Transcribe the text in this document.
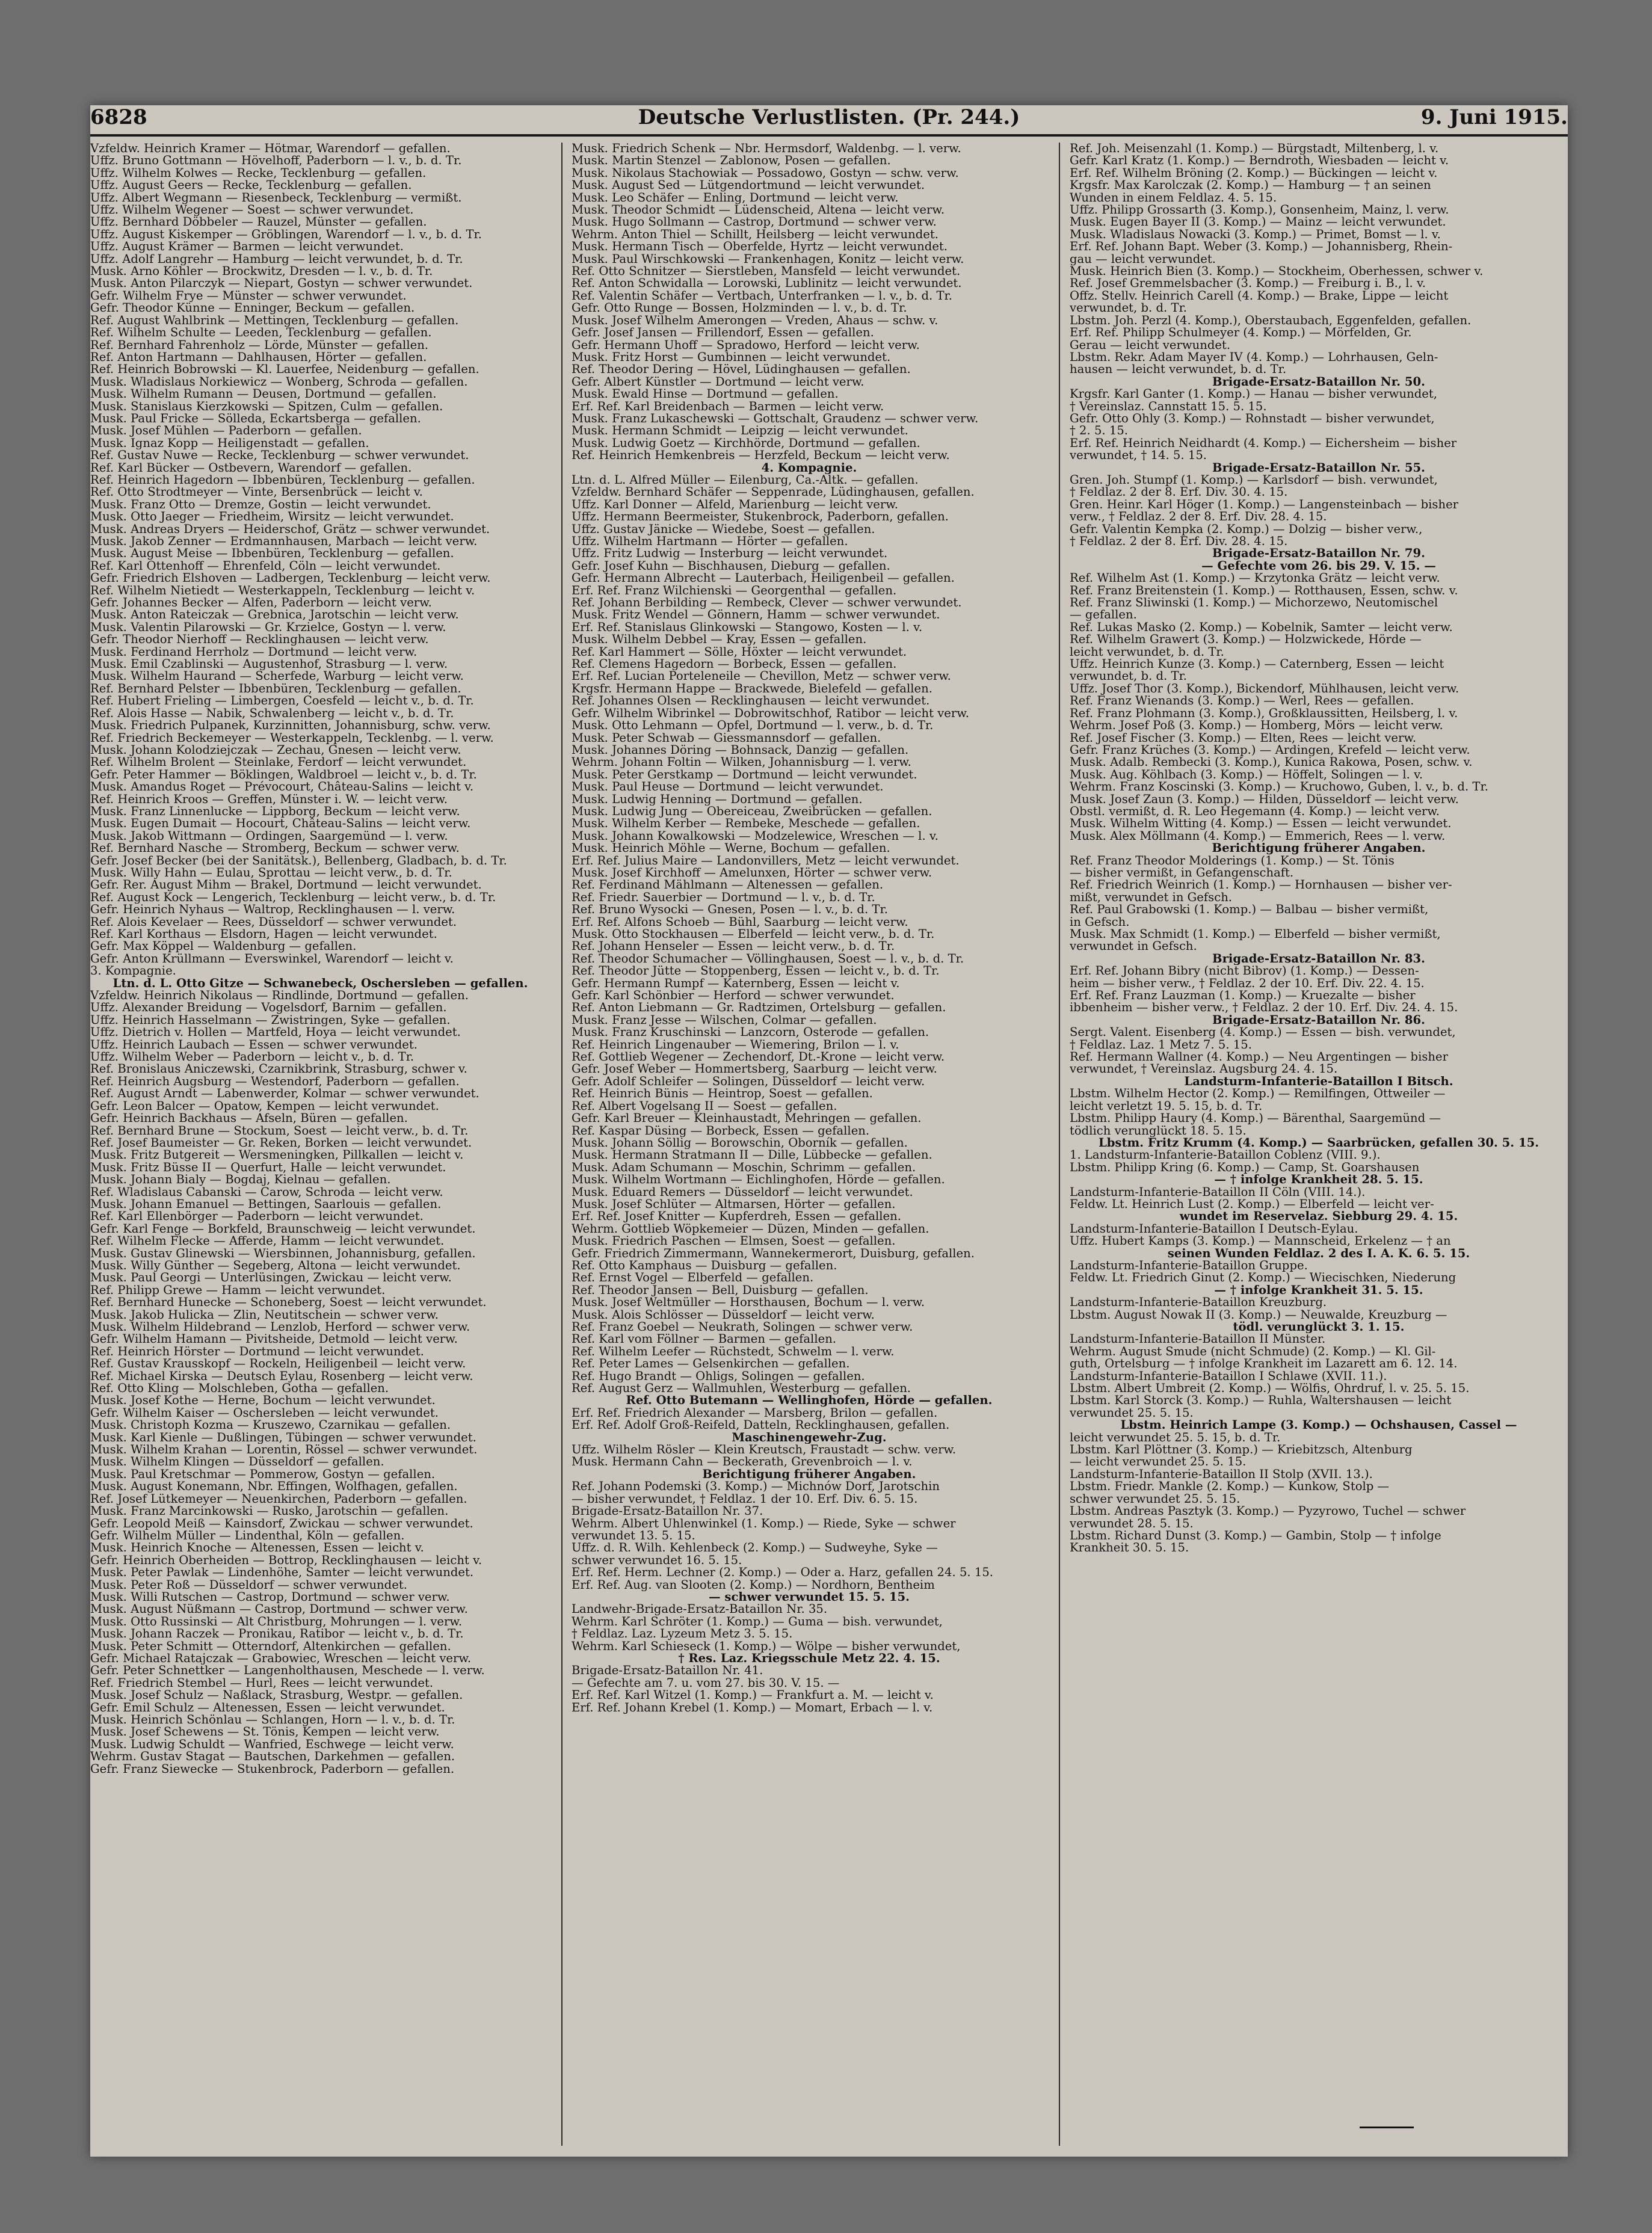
6828	Deutsche Verlustlisten. (Pr. 244.)	9. Juni 1915.
Vzfeldw. Heinrich Kramer — Hötmar, Warendorf — gefallen.
Uffz. Bruno Gottmann — Hövelhoff, Paderborn — l. v., b. d. Tr.
Uffz. Wilhelm Kolwes — Recke, Tecklenburg — gefallen.
Uffz. August Geers — Recke, Tecklenburg — gefallen.
Uffz. Albert Wegmann — Riesenbeck, Tecklenburg — vermißt.
Uffz. Wilhelm Wegener — Soest — schwer verwundet.
Uffz. Bernhard Döbbeler — Rauzel, Münster — gefallen.
Uffz. August Kiskemper — Gröblingen, Warendorf — l. v., b. d. Tr.
Uffz. August Krämer — Barmen — leicht verwundet.
Uffz. Adolf Langrehr — Hamburg — leicht verwundet, b. d. Tr.
Musk. Arno Köhler — Brockwitz, Dresden — l. v., b. d. Tr.
Musk. Anton Pilarczyk — Niepart, Gostyn — schwer verwundet.
Gefr. Wilhelm Frye — Münster — schwer verwundet.
Gefr. Theodor Künne — Enninger, Beckum — gefallen.
Ref. August Wahlbrink — Mettingen, Tecklenburg — gefallen.
Ref. Wilhelm Schulte — Leeden, Tecklenburg — gefallen.
Ref. Bernhard Fahrenholz — Lörde, Münster — gefallen.
Ref. Anton Hartmann — Dahlhausen, Hörter — gefallen.
Ref. Heinrich Bobrowski — Kl. Lauerfee, Neidenburg — gefallen.
Musk. Wladislaus Norkiewicz — Wonberg, Schroda — gefallen.
Musk. Wilhelm Rumann — Deusen, Dortmund — gefallen.
Musk. Stanislaus Kierzkowski — Spitzen, Culm — gefallen.
Musk. Paul Fricke — Sölleda, Eckartsberga — gefallen.
Musk. Josef Mühlen — Paderborn — gefallen.
Musk. Ignaz Kopp — Heiligenstadt — gefallen.
Ref. Gustav Nuwe — Recke, Tecklenburg — schwer verwundet.
Ref. Karl Bücker — Ostbevern, Warendorf — gefallen.
Ref. Heinrich Hagedorn — Ibbenbüren, Tecklenburg — gefallen.
Ref. Otto Strodtmeyer — Vinte, Bersenbrück — leicht v.
Musk. Franz Otto — Dremze, Gostin — leicht verwundet.
Musk. Otto Jaeger — Friedheim, Wirsitz — leicht verwundet.
Musk. Andreas Dryers — Heiderschof, Grätz — schwer verwundet.
Musk. Jakob Zenner — Erdmannhausen, Marbach — leicht verw.
Musk. August Meise — Ibbenbüren, Tecklenburg — gefallen.
Ref. Karl Ottenhoff — Ehrenfeld, Cöln — leicht verwundet.
Gefr. Friedrich Elshoven — Ladbergen, Tecklenburg — leicht verw.
Ref. Wilhelm Nietiedt — Westerkappeln, Tecklenburg — leicht v.
Gefr. Johannes Becker — Alfen, Paderborn — leicht verw.
Musk. Anton Rateiczak — Grebnica, Jarotschin — leicht verw.
Musk. Valentin Pilarowski — Gr. Krzielce, Gostyn — l. verw.
Gefr. Theodor Nierhoff — Recklinghausen — leicht verw.
Musk. Ferdinand Herrholz — Dortmund — leicht verw.
Musk. Emil Czablinski — Augustenhof, Strasburg — l. verw.
Musk. Wilhelm Haurand — Scherfede, Warburg — leicht verw.
Ref. Bernhard Pelster — Ibbenbüren, Tecklenburg — gefallen.
Ref. Hubert Frieling — Limbergen, Coesfeld — leicht v., b. d. Tr.
Ref. Alois Hasse — Nabik, Schwalenberg — leicht v., b. d. Tr.
Musk. Friedrich Pulpanek, Kurzinnitten, Johannisburg, schw. verw.
Ref. Friedrich Beckemeyer — Westerkappeln, Tecklenbg. — l. verw.
Musk. Johann Kolodziejczak — Zechau, Gnesen — leicht verw.
Ref. Wilhelm Brolent — Steinlake, Ferdorf — leicht verwundet.
Gefr. Peter Hammer — Böklingen, Waldbroel — leicht v., b. d. Tr.
Musk. Amandus Roget — Prévocourt, Château-Salins — leicht v.
Ref. Heinrich Kroos — Greffen, Münster i. W. — leicht verw.
Musk. Franz Linnenlucke — Lippborg, Beckum — leicht verw.
Musk. Eugen Dumait — Hocourt, Château-Salins — leicht verw.
Musk. Jakob Wittmann — Ordingen, Saargemünd — l. verw.
Ref. Bernhard Nasche — Stromberg, Beckum — schwer verw.
Gefr. Josef Becker (bei der Sanitätsk.), Bellenberg, Gladbach, b. d. Tr.
Musk. Willy Hahn — Eulau, Sprottau — leicht verw., b. d. Tr.
Gefr. Rer. August Mihm — Brakel, Dortmund — leicht verwundet.
Ref. August Kock — Lengerich, Tecklenburg — leicht verw., b. d. Tr.
Gefr. Heinrich Nyhaus — Waltrop, Recklinghausen — l. verw.
Ref. Alois Kevelaer — Rees, Düsseldorf — schwer verwundet.
Ref. Karl Korthaus — Elsdorn, Hagen — leicht verwundet.
Gefr. Max Köppel — Waldenburg — gefallen.
Gefr. Anton Krüllmann — Everswinkel, Warendorf — leicht v.
3. Kompagnie.
Ltn. d. L. Otto Gitze — Schwanebeck, Oschersleben — gefallen.
Vzfeldw. Heinrich Nikolaus — Rindlinde, Dortmund — gefallen.
Uffz. Alexander Breidung — Vogelsdorf, Barnim — gefallen.
Uffz. Heinrich Hasselmann — Zwistringen, Syke — gefallen.
Uffz. Dietrich v. Hollen — Martfeld, Hoya — leicht verwundet.
Uffz. Heinrich Laubach — Essen — schwer verwundet.
Uffz. Wilhelm Weber — Paderborn — leicht v., b. d. Tr.
Ref. Bronislaus Aniczewski, Czarnikbrink, Strasburg, schwer v.
Ref. Heinrich Augsburg — Westendorf, Paderborn — gefallen.
Ref. August Arndt — Labenwerder, Kolmar — schwer verwundet.
Gefr. Leon Balcer — Opatow, Kempen — leicht verwundet.
Gefr. Heinrich Backhaus — Afseln, Büren — gefallen.
Ref. Bernhard Brune — Stockum, Soest — leicht verw., b. d. Tr.
Ref. Josef Baumeister — Gr. Reken, Borken — leicht verwundet.
Musk. Fritz Butgereit — Wersmeningken, Pillkallen — leicht v.
Musk. Fritz Büsse II — Querfurt, Halle — leicht verwundet.
Musk. Johann Bialy — Bogdaj, Kielnau — gefallen.
Ref. Wladislaus Cabanski — Carow, Schroda — leicht verw.
Musk. Johann Emanuel — Bettingen, Saarlouis — gefallen.
Ref. Karl Ellenbörger — Paderborn — leicht verwundet.
Gefr. Karl Fenge — Borkfeld, Braunschweig — leicht verwundet.
Ref. Wilhelm Flecke — Afferde, Hamm — leicht verwundet.
Musk. Gustav Glinewski — Wiersbinnen, Johannisburg, gefallen.
Musk. Willy Günther — Segeberg, Altona — leicht verwundet.
Musk. Paul Georgi — Unterlüsingen, Zwickau — leicht verw.
Ref. Philipp Grewe — Hamm — leicht verwundet.
Ref. Bernhard Hunecke — Schoneberg, Soest — leicht verwundet.
Musk. Jakob Hulicka — Zlin, Neutitschein — schwer verw.
Musk. Wilhelm Hildebrand — Lenzlob, Herford — schwer verw.
Gefr. Wilhelm Hamann — Pivitsheide, Detmold — leicht verw.
Ref. Heinrich Hörster — Dortmund — leicht verwundet.
Ref. Gustav Krausskopf — Rockeln, Heiligenbeil — leicht verw.
Ref. Michael Kirska — Deutsch Eylau, Rosenberg — leicht verw.
Ref. Otto Kling — Molschleben, Gotha — gefallen.
Musk. Josef Kothe — Herne, Bochum — leicht verwundet.
Gefr. Wilhelm Kaiser — Oschersleben — leicht verwundet.
Musk. Christoph Kozma — Kruszewo, Czarnikau — gefallen.
Musk. Karl Kienle — Dußlingen, Tübingen — schwer verwundet.
Musk. Wilhelm Krahan — Lorentin, Rössel — schwer verwundet.
Musk. Wilhelm Klingen — Düsseldorf — gefallen.
Musk. Paul Kretschmar — Pommerow, Gostyn — gefallen.
Musk. August Konemann, Nbr. Effingen, Wolfhagen, gefallen.
Ref. Josef Lütkemeyer — Neuenkirchen, Paderborn — gefallen.
Musk. Franz Marcinkowski — Rusko, Jarotschin — gefallen.
Gefr. Leopold Meiß — Kainsdorf, Zwickau — schwer verwundet.
Gefr. Wilhelm Müller — Lindenthal, Köln — gefallen.
Musk. Heinrich Knoche — Altenessen, Essen — leicht v.
Gefr. Heinrich Oberheiden — Bottrop, Recklinghausen — leicht v.
Musk. Peter Pawlak — Lindenhöhe, Samter — leicht verwundet.
Musk. Peter Roß — Düsseldorf — schwer verwundet.
Musk. Willi Rutschen — Castrop, Dortmund — schwer verw.
Musk. August Nüßmann — Castrop, Dortmund — schwer verw.
Musk. Otto Russinski — Alt Christburg, Mohrungen — l. verw.
Musk. Johann Raczek — Pronikau, Ratibor — leicht v., b. d. Tr.
Musk. Peter Schmitt — Otterndorf, Altenkirchen — gefallen.
Gefr. Michael Ratajczak — Grabowiec, Wreschen — leicht verw.
Gefr. Peter Schnettker — Langenholthausen, Meschede — l. verw.
Ref. Friedrich Stembel — Hurl, Rees — leicht verwundet.
Musk. Josef Schulz — Naßlack, Strasburg, Westpr. — gefallen.
Gefr. Emil Schulz — Altenessen, Essen — leicht verwundet.
Musk. Heinrich Schönlau — Schlangen, Horn — l. v., b. d. Tr.
Musk. Josef Schewens — St. Tönis, Kempen — leicht verw.
Musk. Ludwig Schuldt — Wanfried, Eschwege — leicht verw.
Wehrm. Gustav Stagat — Bautschen, Darkehmen — gefallen.
Gefr. Franz Siewecke — Stukenbrock, Paderborn — gefallen.
Musk. Friedrich Schenk — Nbr. Hermsdorf, Waldenbg. — l. verw.
Musk. Martin Stenzel — Zablonow, Posen — gefallen.
Musk. Nikolaus Stachowiak — Possadowo, Gostyn — schw. verw.
Musk. August Sed — Lütgendortmund — leicht verwundet.
Musk. Leo Schäfer — Enling, Dortmund — leicht verw.
Musk. Theodor Schmidt — Lüdenscheid, Altena — leicht verw.
Musk. Hugo Sollmann — Castrop, Dortmund — schwer verw.
Wehrm. Anton Thiel — Schillt, Heilsberg — leicht verwundet.
Musk. Hermann Tisch — Oberfelde, Hyrtz — leicht verwundet.
Musk. Paul Wirschkowski — Frankenhagen, Konitz — leicht verw.
Ref. Otto Schnitzer — Sierstleben, Mansfeld — leicht verwundet.
Ref. Anton Schwidalla — Lorowski, Lublinitz — leicht verwundet.
Ref. Valentin Schäfer — Vertbach, Unterfranken — l. v., b. d. Tr.
Gefr. Otto Runge — Bossen, Holzminden — l. v., b. d. Tr.
Musk. Josef Wilhelm Amerongen — Vreden, Ahaus — schw. v.
Gefr. Josef Jansen — Frillendorf, Essen — gefallen.
Gefr. Hermann Uhoff — Spradowo, Herford — leicht verw.
Musk. Fritz Horst — Gumbinnen — leicht verwundet.
Ref. Theodor Dering — Hövel, Lüdinghausen — gefallen.
Gefr. Albert Künstler — Dortmund — leicht verw.
Musk. Ewald Hinse — Dortmund — gefallen.
Erf. Ref. Karl Breidenbach — Barmen — leicht verw.
Musk. Franz Lukaschewski — Gottschalt, Graudenz — schwer verw.
Musk. Hermann Schmidt — Leipzig — leicht verwundet.
Musk. Ludwig Goetz — Kirchhörde, Dortmund — gefallen.
Ref. Heinrich Hemkenbreis — Herzfeld, Beckum — leicht verw.
4. Kompagnie.
Ltn. d. L. Alfred Müller — Eilenburg, Ca.-Altk. — gefallen.
Vzfeldw. Bernhard Schäfer — Seppenrade, Lüdinghausen, gefallen.
Uffz. Karl Donner — Alfeld, Marienburg — leicht verw.
Uffz. Hermann Beermeister, Stukenbrock, Paderborn, gefallen.
Uffz. Gustav Jänicke — Wiedebe, Soest — gefallen.
Uffz. Wilhelm Hartmann — Hörter — gefallen.
Uffz. Fritz Ludwig — Insterburg — leicht verwundet.
Gefr. Josef Kuhn — Bischhausen, Dieburg — gefallen.
Gefr. Hermann Albrecht — Lauterbach, Heiligenbeil — gefallen.
Erf. Ref. Franz Wilchienski — Georgenthal — gefallen.
Ref. Johann Berbilding — Rembeck, Clever — schwer verwundet.
Musk. Fritz Wendel — Gönnern, Hamm — schwer verwundet.
Erf. Ref. Stanislaus Glinkowski — Stangowo, Kosten — l. v.
Musk. Wilhelm Debbel — Kray, Essen — gefallen.
Ref. Karl Hammert — Sölle, Höxter — leicht verwundet.
Ref. Clemens Hagedorn — Borbeck, Essen — gefallen.
Erf. Ref. Lucian Porteleneile — Chevillon, Metz — schwer verw.
Krgsfr. Hermann Happe — Brackwede, Bielefeld — gefallen.
Ref. Johannes Olsen — Recklinghausen — leicht verwundet.
Gefr. Wilhelm Wibrinkel — Dobrowitschhof, Ratibor — leicht verw.
Musk. Otto Lehmann — Opfel, Dortmund — l. verw., b. d. Tr.
Musk. Peter Schwab — Giessmannsdorf — gefallen.
Musk. Johannes Döring — Bohnsack, Danzig — gefallen.
Wehrm. Johann Foltin — Wilken, Johannisburg — l. verw.
Musk. Peter Gerstkamp — Dortmund — leicht verwundet.
Musk. Paul Heuse — Dortmund — leicht verwundet.
Musk. Ludwig Henning — Dortmund — gefallen.
Musk. Ludwig Jung — Obereiceau, Zweibrücken — gefallen.
Musk. Wilhelm Kerber — Rembeke, Meschede — gefallen.
Musk. Johann Kowalkowski — Modzelewice, Wreschen — l. v.
Musk. Heinrich Möhle — Werne, Bochum — gefallen.
Erf. Ref. Julius Maire — Landonvillers, Metz — leicht verwundet.
Musk. Josef Kirchhoff — Amelunxen, Hörter — schwer verw.
Ref. Ferdinand Mählmann — Altenessen — gefallen.
Ref. Friedr. Sauerbier — Dortmund — l. v., b. d. Tr.
Ref. Bruno Wysocki — Gnesen, Posen — l. v., b. d. Tr.
Erf. Ref. Alfons Schoeb — Bühl, Saarburg — leicht verw.
Musk. Otto Stockhausen — Elberfeld — leicht verw., b. d. Tr.
Ref. Johann Henseler — Essen — leicht verw., b. d. Tr.
Ref. Theodor Schumacher — Völlinghausen, Soest — l. v., b. d. Tr.
Ref. Theodor Jütte — Stoppenberg, Essen — leicht v., b. d. Tr.
Gefr. Hermann Rumpf — Katernberg, Essen — leicht v.
Gefr. Karl Schönbier — Herford — schwer verwundet.
Ref. Anton Liebmann — Gr. Radtzimen, Ortelsburg — gefallen.
Musk. Franz Jesse — Wilschen, Colmar — gefallen.
Musk. Franz Kruschinski — Lanzcorn, Osterode — gefallen.
Ref. Heinrich Lingenauber — Wiemering, Brilon — l. v.
Ref. Gottlieb Wegener — Zechendorf, Dt.-Krone — leicht verw.
Gefr. Josef Weber — Hommertsberg, Saarburg — leicht verw.
Gefr. Adolf Schleifer — Solingen, Düsseldorf — leicht verw.
Ref. Heinrich Bünis — Heintrop, Soest — gefallen.
Ref. Albert Vogelsang II — Soest — gefallen.
Gefr. Karl Breuer — Kleinhaustadt, Mehringen — gefallen.
Ref. Kaspar Düsing — Borbeck, Essen — gefallen.
Musk. Johann Söllig — Borowschin, Oborník — gefallen.
Musk. Hermann Stratmann II — Dille, Lübbecke — gefallen.
Musk. Adam Schumann — Moschin, Schrimm — gefallen.
Musk. Wilhelm Wortmann — Eichlinghofen, Hörde — gefallen.
Musk. Eduard Remers — Düsseldorf — leicht verwundet.
Musk. Josef Schlüter — Altmarsen, Hörter — gefallen.
Erf. Ref. Josef Knitter — Kupferdreh, Essen — gefallen.
Wehrm. Gottlieb Wöpkemeier — Düzen, Minden — gefallen.
Musk. Friedrich Paschen — Elmsen, Soest — gefallen.
Gefr. Friedrich Zimmermann, Wannekermerort, Duisburg, gefallen.
Ref. Otto Kamphaus — Duisburg — gefallen.
Ref. Ernst Vogel — Elberfeld — gefallen.
Ref. Theodor Jansen — Bell, Duisburg — gefallen.
Musk. Josef Weltmüller — Horsthausen, Bochum — l. verw.
Musk. Alois Schlösser — Düsseldorf — leicht verw.
Ref. Franz Goebel — Neukrath, Solingen — schwer verw.
Ref. Karl vom Föllner — Barmen — gefallen.
Ref. Wilhelm Leefer — Rüchstedt, Schwelm — l. verw.
Ref. Peter Lames — Gelsenkirchen — gefallen.
Ref. Hugo Brandt — Ohligs, Solingen — gefallen.
Ref. August Gerz — Wallmuhlen, Westerburg — gefallen.
Ref. Otto Butemann — Wellinghofen, Hörde — gefallen.
Erf. Ref. Friedrich Alexander — Marsberg, Brilon — gefallen.
Erf. Ref. Adolf Groß-Reifeld, Datteln, Recklinghausen, gefallen.
Maschinengewehr-Zug.
Uffz. Wilhelm Rösler — Klein Kreutsch, Fraustadt — schw. verw.
Musk. Hermann Cahn — Beckerath, Grevenbroich — l. v.
Berichtigung früherer Angaben.
Ref. Johann Podemski (3. Komp.) — Michnów Dorf, Jarotschin
— bisher verwundet, † Feldlaz. 1 der 10. Erf. Div. 6. 5. 15.
Brigade-Ersatz-Bataillon Nr. 37.
Wehrm. Albert Uhlenwinkel (1. Komp.) — Riede, Syke — schwer
verwundet 13. 5. 15.
Uffz. d. R. Wilh. Kehlenbeck (2. Komp.) — Sudweyhe, Syke —
schwer verwundet 16. 5. 15.
Erf. Ref. Herm. Lechner (2. Komp.) — Oder a. Harz, gefallen 24. 5. 15.
Erf. Ref. Aug. van Slooten (2. Komp.) — Nordhorn, Bentheim
— schwer verwundet 15. 5. 15.
Landwehr-Brigade-Ersatz-Bataillon Nr. 35.
Wehrm. Karl Schröter (1. Komp.) — Guma — bish. verwundet,
† Feldlaz. Laz. Lyzeum Metz 3. 5. 15.
Wehrm. Karl Schieseck (1. Komp.) — Wölpe — bisher verwundet,
† Res. Laz. Kriegsschule Metz 22. 4. 15.
Brigade-Ersatz-Bataillon Nr. 41.
— Gefechte am 7. u. vom 27. bis 30. V. 15. —
Erf. Ref. Karl Witzel (1. Komp.) — Frankfurt a. M. — leicht v.
Erf. Ref. Johann Krebel (1. Komp.) — Momart, Erbach — l. v.
Ref. Joh. Meisenzahl (1. Komp.) — Bürgstadt, Miltenberg, l. v.
Gefr. Karl Kratz (1. Komp.) — Berndroth, Wiesbaden — leicht v.
Erf. Ref. Wilhelm Bröning (2. Komp.) — Bückingen — leicht v.
Krgsfr. Max Karolczak (2. Komp.) — Hamburg — † an seinen
Wunden in einem Feldlaz. 4. 5. 15.
Uffz. Philipp Grossarth (3. Komp.), Gonsenheim, Mainz, l. verw.
Musk. Eugen Bayer II (3. Komp.) — Mainz — leicht verwundet.
Musk. Wladislaus Nowacki (3. Komp.) — Primet, Bomst — l. v.
Erf. Ref. Johann Bapt. Weber (3. Komp.) — Johannisberg, Rhein-
gau — leicht verwundet.
Musk. Heinrich Bien (3. Komp.) — Stockheim, Oberhessen, schwer v.
Ref. Josef Gremmelsbacher (3. Komp.) — Freiburg i. B., l. v.
Offz. Stellv. Heinrich Carell (4. Komp.) — Brake, Lippe — leicht
verwundet, b. d. Tr.
Lbstm. Joh. Perzl (4. Komp.), Oberstaubach, Eggenfelden, gefallen.
Erf. Ref. Philipp Schulmeyer (4. Komp.) — Mörfelden, Gr.
Gerau — leicht verwundet.
Lbstm. Rekr. Adam Mayer IV (4. Komp.) — Lohrhausen, Geln-
hausen — leicht verwundet, b. d. Tr.
Brigade-Ersatz-Bataillon Nr. 50.
Krgsfr. Karl Ganter (1. Komp.) — Hanau — bisher verwundet,
† Vereinslaz. Cannstatt 15. 5. 15.
Gefr. Otto Ohly (3. Komp.) — Rohnstadt — bisher verwundet,
† 2. 5. 15.
Erf. Ref. Heinrich Neidhardt (4. Komp.) — Eichersheim — bisher
verwundet, † 14. 5. 15.
Brigade-Ersatz-Bataillon Nr. 55.
Gren. Joh. Stumpf (1. Komp.) — Karlsdorf — bish. verwundet,
† Feldlaz. 2 der 8. Erf. Div. 30. 4. 15.
Gren. Heinr. Karl Höger (1. Komp.) — Langensteinbach — bisher
verw., † Feldlaz. 2 der 8. Erf. Div. 28. 4. 15.
Gefr. Valentin Kempka (2. Komp.) — Dolzig — bisher verw.,
† Feldlaz. 2 der 8. Erf. Div. 28. 4. 15.
Brigade-Ersatz-Bataillon Nr. 79.
— Gefechte vom 26. bis 29. V. 15. —
Ref. Wilhelm Ast (1. Komp.) — Krzytonka Grätz — leicht verw.
Ref. Franz Breitenstein (1. Komp.) — Rotthausen, Essen, schw. v.
Ref. Franz Sliwinski (1. Komp.) — Michorzewo, Neutomischel
— gefallen.
Ref. Lukas Masko (2. Komp.) — Kobelnik, Samter — leicht verw.
Ref. Wilhelm Grawert (3. Komp.) — Holzwickede, Hörde —
leicht verwundet, b. d. Tr.
Uffz. Heinrich Kunze (3. Komp.) — Caternberg, Essen — leicht
verwundet, b. d. Tr.
Uffz. Josef Thor (3. Komp.), Bickendorf, Mühlhausen, leicht verw.
Ref. Franz Wienands (3. Komp.) — Werl, Rees — gefallen.
Ref. Franz Plohmann (3. Komp.), Großklaussitten, Heilsberg, l. v.
Wehrm. Josef Poß (3. Komp.) — Homberg, Mörs — leicht verw.
Ref. Josef Fischer (3. Komp.) — Elten, Rees — leicht verw.
Gefr. Franz Krüches (3. Komp.) — Ardingen, Krefeld — leicht verw.
Musk. Adalb. Rembecki (3. Komp.), Kunica Rakowa, Posen, schw. v.
Musk. Aug. Köhlbach (3. Komp.) — Höffelt, Solingen — l. v.
Wehrm. Franz Koscinski (3. Komp.) — Kruchowo, Guben, l. v., b. d. Tr.
Musk. Josef Zaun (3. Komp.) — Hilden, Düsseldorf — leicht verw.
Obstl. vermißt, d. R. Leo Hegemann (4. Komp.) — leicht verw.
Musk. Wilhelm Witting (4. Komp.) — Essen — leicht verwundet.
Musk. Alex Möllmann (4. Komp.) — Emmerich, Rees — l. verw.
Berichtigung früherer Angaben.
Ref. Franz Theodor Molderings (1. Komp.) — St. Tönis
— bisher vermißt, in Gefangenschaft.
Ref. Friedrich Weinrich (1. Komp.) — Hornhausen — bisher ver-
mißt, verwundet in Gefsch.
Ref. Paul Grabowski (1. Komp.) — Balbau — bisher vermißt,
in Gefsch.
Musk. Max Schmidt (1. Komp.) — Elberfeld — bisher vermißt,
verwundet in Gefsch.
Brigade-Ersatz-Bataillon Nr. 83.
Erf. Ref. Johann Bibry (nicht Bibrov) (1. Komp.) — Dessen-
heim — bisher verw., † Feldlaz. 2 der 10. Erf. Div. 22. 4. 15.
Erf. Ref. Franz Lauzman (1. Komp.) — Kruezalte — bisher
ibbenheim — bisher verw., † Feldlaz. 2 der 10. Erf. Div. 24. 4. 15.
Brigade-Ersatz-Bataillon Nr. 86.
Sergt. Valent. Eisenberg (4. Komp.) — Essen — bish. verwundet,
† Feldlaz. Laz. 1 Metz 7. 5. 15.
Ref. Hermann Wallner (4. Komp.) — Neu Argentingen — bisher
verwundet, † Vereinslaz. Augsburg 24. 4. 15.
Landsturm-Infanterie-Bataillon I Bitsch.
Lbstm. Wilhelm Hector (2. Komp.) — Remilfingen, Ottweiler —
leicht verletzt 19. 5. 15, b. d. Tr.
Lbstm. Philipp Haury (4. Komp.) — Bärenthal, Saargemünd —
tödlich verunglückt 18. 5. 15.
Lbstm. Fritz Krumm (4. Komp.) — Saarbrücken, gefallen 30. 5. 15.
1. Landsturm-Infanterie-Bataillon Coblenz (VIII. 9.).
Lbstm. Philipp Kring (6. Komp.) — Camp, St. Goarshausen
— † infolge Krankheit 28. 5. 15.
Landsturm-Infanterie-Bataillon II Cöln (VIII. 14.).
Feldw. Lt. Heinrich Lust (2. Komp.) — Elberfeld — leicht ver-
wundet im Reservelaz. Siebburg 29. 4. 15.
Landsturm-Infanterie-Bataillon I Deutsch-Eylau.
Uffz. Hubert Kamps (3. Komp.) — Mannscheid, Erkelenz — † an
seinen Wunden Feldlaz. 2 des I. A. K. 6. 5. 15.
Landsturm-Infanterie-Bataillon Gruppe.
Feldw. Lt. Friedrich Ginut (2. Komp.) — Wiecischken, Niederung
— † infolge Krankheit 31. 5. 15.
Landsturm-Infanterie-Bataillon Kreuzburg.
Lbstm. August Nowak II (3. Komp.) — Neuwalde, Kreuzburg —
tödl. verunglückt 3. 1. 15.
Landsturm-Infanterie-Bataillon II Münster.
Wehrm. August Smude (nicht Schmude) (2. Komp.) — Kl. Gil-
guth, Ortelsburg — † infolge Krankheit im Lazarett am 6. 12. 14.
Landsturm-Infanterie-Bataillon I Schlawe (XVII. 11.).
Lbstm. Albert Umbreit (2. Komp.) — Wölfis, Ohrdruf, l. v. 25. 5. 15.
Lbstm. Karl Storck (3. Komp.) — Ruhla, Waltershausen — leicht
verwundet 25. 5. 15.
Lbstm. Heinrich Lampe (3. Komp.) — Ochshausen, Cassel —
leicht verwundet 25. 5. 15, b. d. Tr.
Lbstm. Karl Plöttner (3. Komp.) — Kriebitzsch, Altenburg
— leicht verwundet 25. 5. 15.
Landsturm-Infanterie-Bataillon II Stolp (XVII. 13.).
Lbstm. Friedr. Mankle (2. Komp.) — Kunkow, Stolp —
schwer verwundet 25. 5. 15.
Lbstm. Andreas Pasztyk (3. Komp.) — Pyzyrowo, Tuchel — schwer
verwundet 28. 5. 15.
Lbstm. Richard Dunst (3. Komp.) — Gambin, Stolp — † infolge
Krankheit 30. 5. 15.
